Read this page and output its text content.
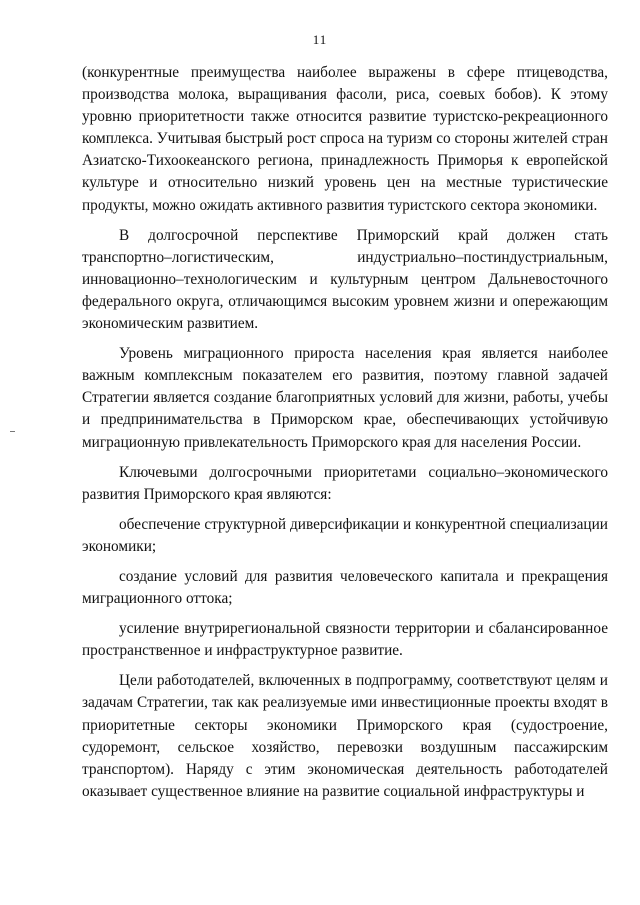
11

(конкурентные преимущества наиболее выражены в сфере птицеводства, производства молока, выращивания фасоли, риса, соевых бобов). К этому уровню приоритетности также относится развитие туристско-рекреационного комплекса. Учитывая быстрый рост спроса на туризм со стороны жителей стран Азиатско-Тихоокеанского региона, принадлежность Приморья к европейской культуре и относительно низкий уровень цен на местные туристические продукты, можно ожидать активного развития туристского сектора экономики.

В долгосрочной перспективе Приморский край должен стать транспортно–логистическим, индустриально–постиндустриальным, инновационно–технологическим и культурным центром Дальневосточного федерального округа, отличающимся высоким уровнем жизни и опережающим экономическим развитием.

Уровень миграционного прироста населения края является наиболее важным комплексным показателем его развития, поэтому главной задачей Стратегии является создание благоприятных условий для жизни, работы, учебы и предпринимательства в Приморском крае, обеспечивающих устойчивую миграционную привлекательность Приморского края для населения России.

Ключевыми долгосрочными приоритетами социально–экономического развития Приморского края являются:

обеспечение структурной диверсификации и конкурентной специализации экономики;

создание условий для развития человеческого капитала и прекращения миграционного оттока;

усиление внутрирегиональной связности территории и сбалансированное пространственное и инфраструктурное развитие.

Цели работодателей, включенных в подпрограмму, соответствуют целям и задачам Стратегии, так как реализуемые ими инвестиционные проекты входят в приоритетные секторы экономики Приморского края (судостроение, судоремонт, сельское хозяйство, перевозки воздушным пассажирским транспортом). Наряду с этим экономическая деятельность работодателей оказывает существенное влияние на развитие социальной инфраструктуры и
